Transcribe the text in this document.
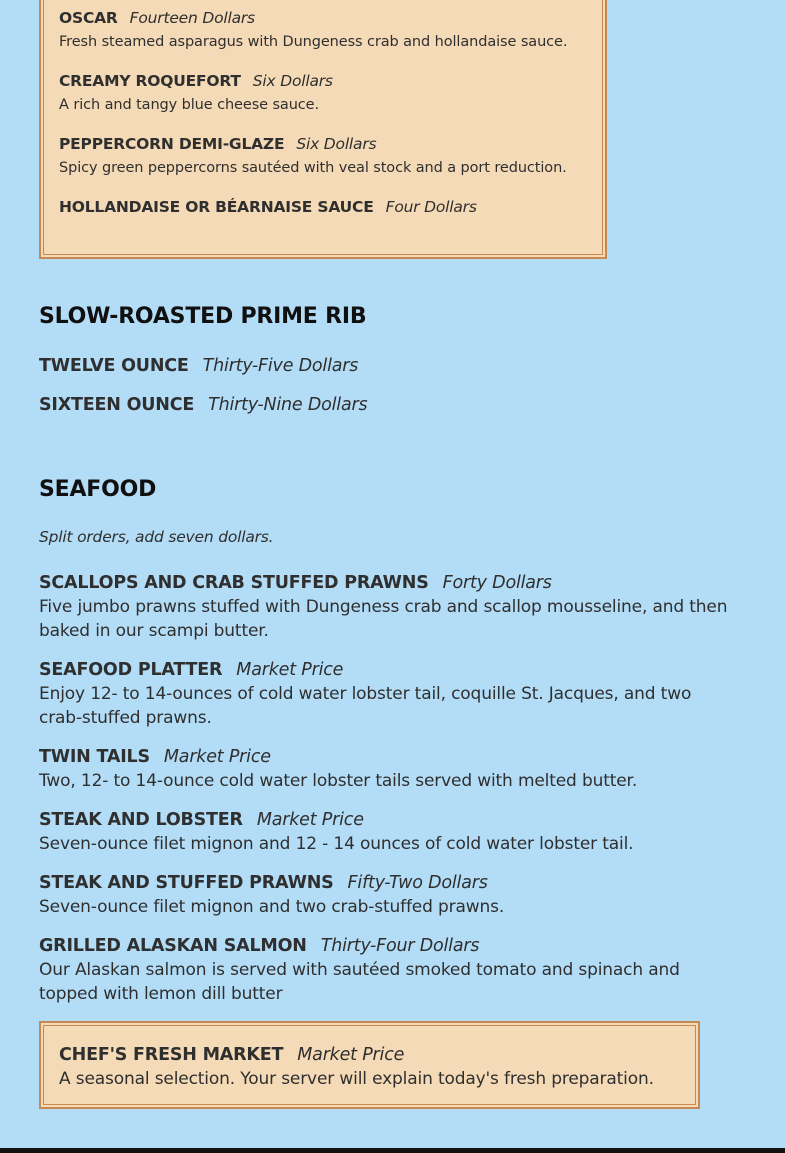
OSCAR Fourteen Dollars
Fresh steamed asparagus with Dungeness crab and hollandaise sauce.
CREAMY ROQUEFORT Six Dollars
A rich and tangy blue cheese sauce.
PEPPERCORN DEMI-GLAZE Six Dollars
Spicy green peppercorns sautéed with veal stock and a port reduction.
HOLLANDAISE OR BÉARNAISE SAUCE Four Dollars
SLOW-ROASTED PRIME RIB
TWELVE OUNCE Thirty-Five Dollars
SIXTEEN OUNCE Thirty-Nine Dollars
SEAFOOD
Split orders, add seven dollars.
SCALLOPS AND CRAB STUFFED PRAWNS Forty Dollars
Five jumbo prawns stuffed with Dungeness crab and scallop mousseline, and then baked in our scampi butter.
SEAFOOD PLATTER Market Price
Enjoy 12- to 14-ounces of cold water lobster tail, coquille St. Jacques, and two crab-stuffed prawns.
TWIN TAILS Market Price
Two, 12- to 14-ounce cold water lobster tails served with melted butter.
STEAK AND LOBSTER Market Price
Seven-ounce filet mignon and 12 - 14 ounces of cold water lobster tail.
STEAK AND STUFFED PRAWNS Fifty-Two Dollars
Seven-ounce filet mignon and two crab-stuffed prawns.
GRILLED ALASKAN SALMON Thirty-Four Dollars
Our Alaskan salmon is served with sautéed smoked tomato and spinach and topped with lemon dill butter
CHEF'S FRESH MARKET Market Price
A seasonal selection. Your server will explain today's fresh preparation.
